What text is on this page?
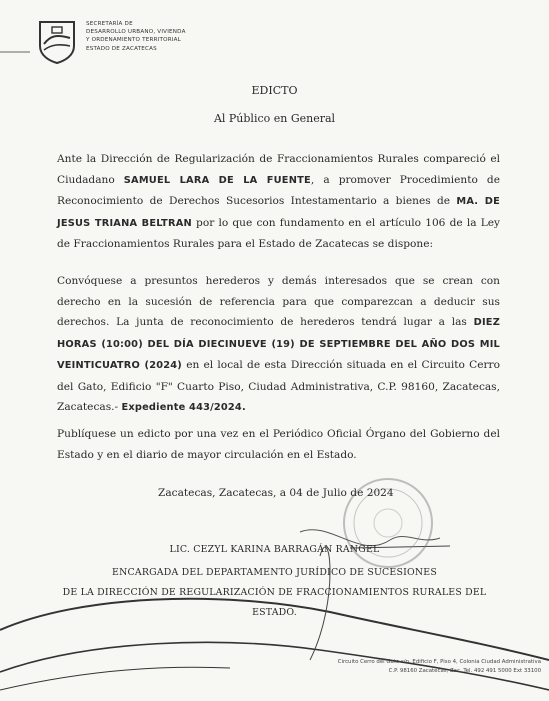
SECRETARÍA DE
DESARROLLO URBANO, VIVIENDA
Y ORDENAMIENTO TERRITORIAL
ESTADO DE ZACATECAS
EDICTO
Al Público en General
Ante la Dirección de Regularización de Fraccionamientos Rurales compareció el Ciudadano SAMUEL LARA DE LA FUENTE, a promover Procedimiento de Reconocimiento de Derechos Sucesorios Intestamentario a bienes de MA. DE JESUS TRIANA BELTRAN por lo que con fundamento en el artículo 106 de la Ley de Fraccionamientos Rurales para el Estado de Zacatecas se dispone:
Convóquese a presuntos herederos y demás interesados que se crean con derecho en la sucesión de referencia para que comparezcan a deducir sus derechos. La junta de reconocimiento de herederos tendrá lugar a las DIEZ HORAS (10:00) DEL DÍA DIECINUEVE (19) DE SEPTIEMBRE DEL AÑO DOS MIL VEINTICUATRO (2024) en el local de esta Dirección situada en el Circuito Cerro del Gato, Edificio "F" Cuarto Piso, Ciudad Administrativa, C.P. 98160, Zacatecas, Zacatecas.- Expediente 443/2024.
Publíquese un edicto por una vez en el Periódico Oficial Órgano del Gobierno del Estado y en el diario de mayor circulación en el Estado.
Zacatecas, Zacatecas, a 04 de Julio de 2024
LIC. CEZYL KARINA BARRAGÁN RANGEL
ENCARGADA DEL DEPARTAMENTO JURÍDICO DE SUCESIONES
DE LA DIRECCIÓN DE REGULARIZACIÓN DE FRACCIONAMIENTOS RURALES DEL
ESTADO.
Circuito Cerro del Gato s/n, Edificio F, Piso 4, Colonia Ciudad Administrativa
C.P. 98160 Zacatecas, Zac. Tel. 492 491 5000 Ext 33100
